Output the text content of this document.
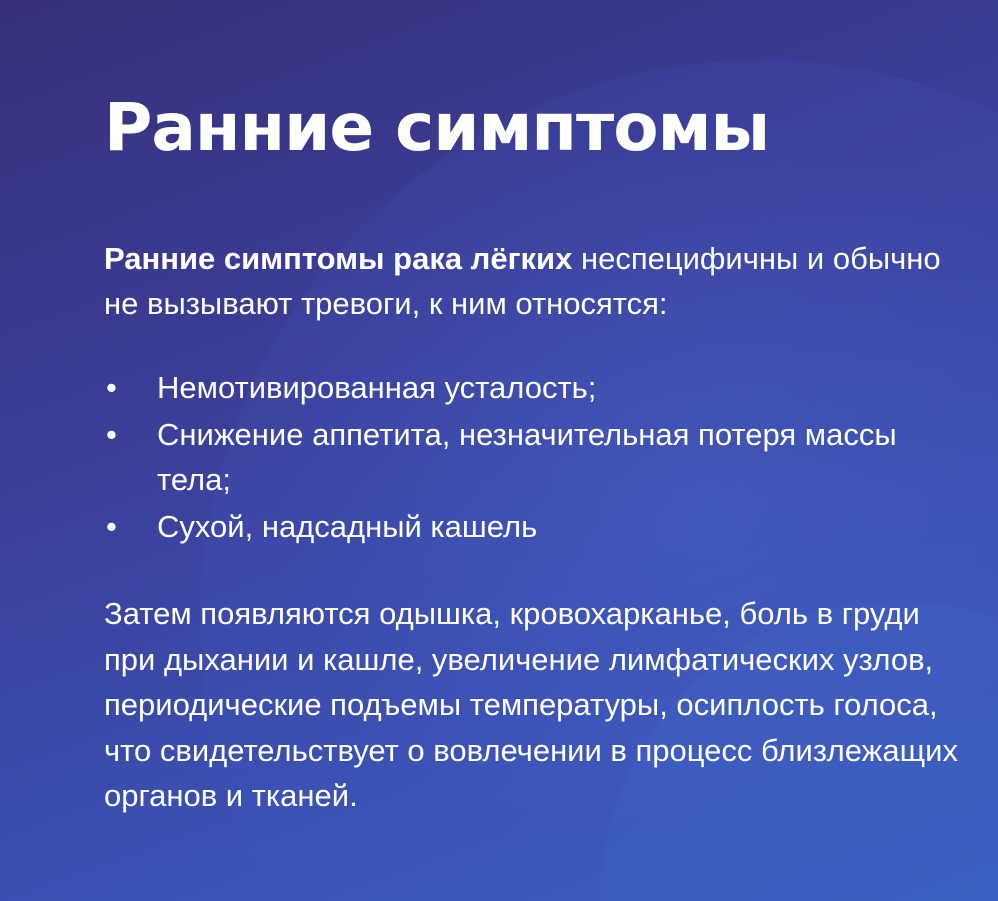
Ранние симптомы

Ранние симптомы рака лёгких неспецифичны и обычно не вызывают тревоги, к ним относятся:

• Немотивированная усталость;
• Снижение аппетита, незначительная потеря массы тела;
• Сухой, надсадный кашель

Затем появляются одышка, кровохарканье, боль в груди при дыхании и кашле, увеличение лимфатических узлов, периодические подъемы температуры, осиплость голоса, что свидетельствует о вовлечении в процесс близлежащих органов и тканей.
